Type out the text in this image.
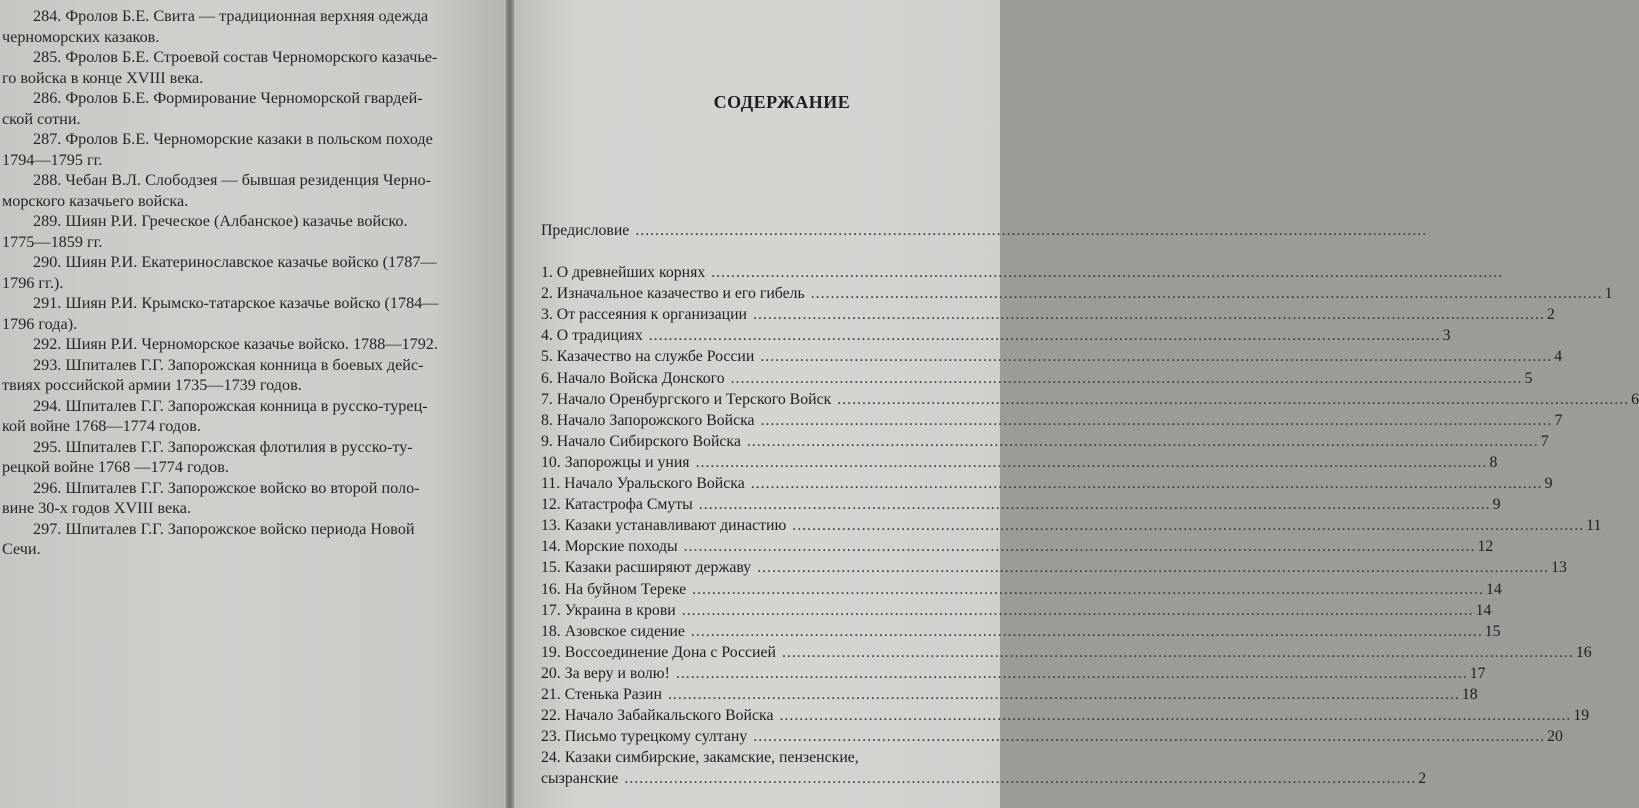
284. Фролов Б.Е. Свита — традиционная верхняя одежда
черноморских казаков.

285. Фролов Б.Е. Строевой состав Черноморского казачье-
го войска в конце XVIII века.

286. Фролов Б.Е. Формирование Черноморской гвардей-
ской сотни.

287. Фролов Б.Е. Черноморские казаки в польском походе
1794—1795 гг.

288. Чебан В.Л. Слободзея — бывшая резиденция Черно-
морского казачьего войска.

289. Шиян Р.И. Греческое (Албанское) казачье войско.
1775—1859 гг.

290. Шиян Р.И. Екатеринославское казачье войско (1787—
1796 гг.).

291. Шиян Р.И. Крымско-татарское казачье войско (1784—
1796 года).

292. Шиян Р.И. Черноморское казачье войско. 1788—1792.

293. Шпиталев Г.Г. Запорожская конница в боевых дейс-
твиях российской армии 1735—1739 годов.

294. Шпиталев Г.Г. Запорожская конница в русско-турец-
кой войне 1768—1774 годов.

295. Шпиталев Г.Г. Запорожская флотилия в русско-ту-
рецкой войне 1768 —1774 годов.

296. Шпиталев Г.Г. Запорожское войско во второй поло-
вине 30-х годов XVIII века.

297. Шпиталев Г.Г. Запорожское войско периода Новой
Сечи.

СОДЕРЖАНИЕ
Предисловие ................................................................................................................................................................
1. О древнейших корнях ................................................................................................................................................................
2. Изначальное казачество и его гибель ................................................................................................................................................................ 1
3. От рассеяния к организации ................................................................................................................................................................ 2
4. О традициях ................................................................................................................................................................ 3
5. Казачество на службе России ................................................................................................................................................................ 4
6. Начало Войска Донского ................................................................................................................................................................ 5
7. Начало Оренбургского и Терского Войск ................................................................................................................................................................ 6
8. Начало Запорожского Войска ................................................................................................................................................................ 7
9. Начало Сибирского Войска ................................................................................................................................................................ 7
10. Запорожцы и уния ................................................................................................................................................................ 8
11. Начало Уральского Войска ................................................................................................................................................................ 9
12. Катастрофа Смуты ................................................................................................................................................................ 9
13. Казаки устанавливают династию ................................................................................................................................................................ 11
14. Морские походы ................................................................................................................................................................ 12
15. Казаки расширяют державу ................................................................................................................................................................ 13
16. На буйном Тереке ................................................................................................................................................................ 14
17. Украина в крови ................................................................................................................................................................ 14
18. Азовское сидение ................................................................................................................................................................ 15
19. Воссоединение Дона с Россией ................................................................................................................................................................ 16
20. За веру и волю! ................................................................................................................................................................ 17
21. Стенька Разин ................................................................................................................................................................ 18
22. Начало Забайкальского Войска ................................................................................................................................................................ 19
23. Письмо турецкому султану ................................................................................................................................................................ 20
24. Казаки симбирские, закамские, пензенские,
сызранские ................................................................................................................................................................ 2
